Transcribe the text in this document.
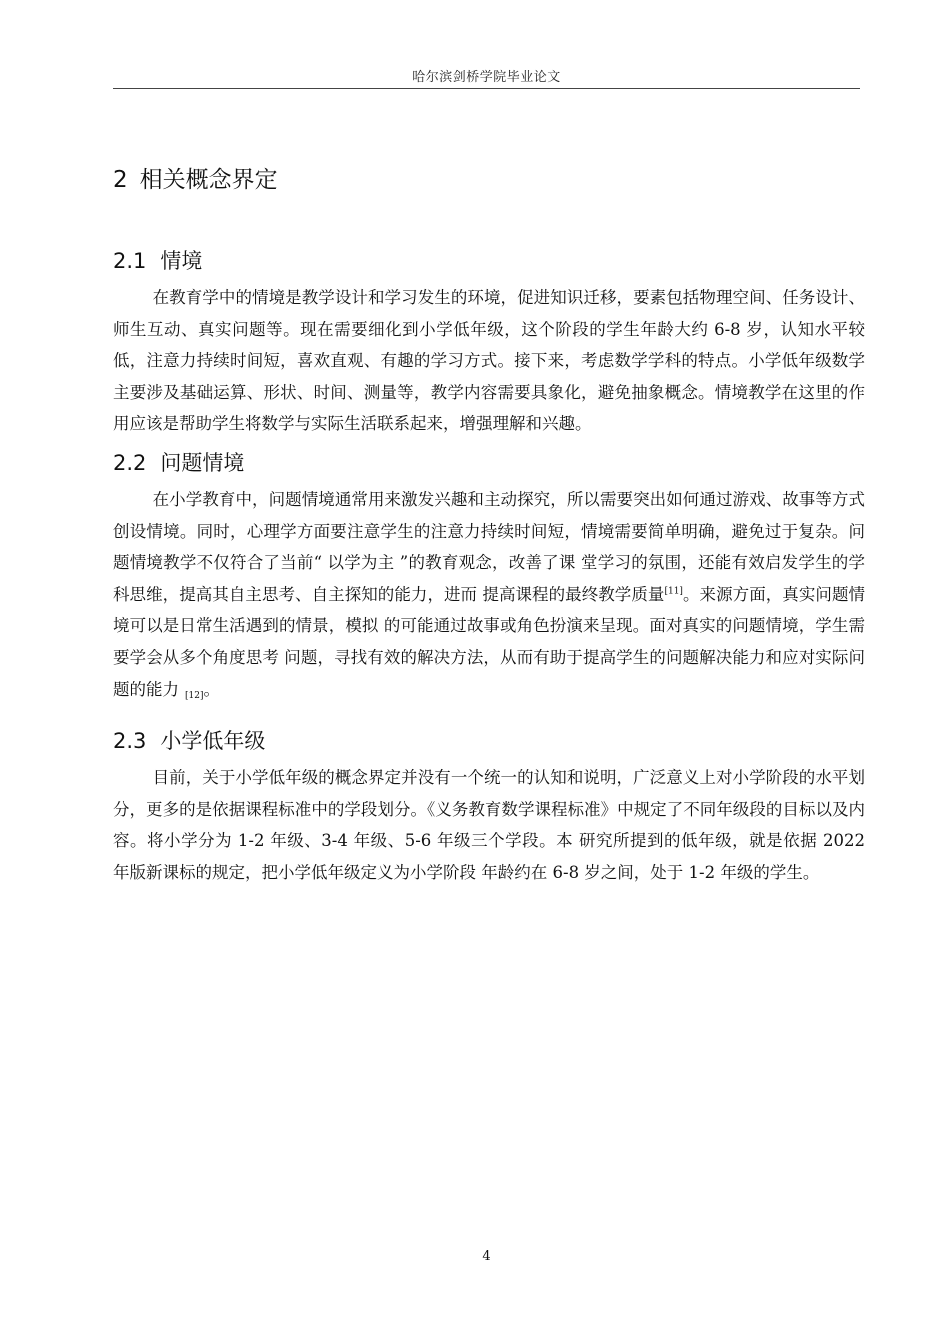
哈尔滨剑桥学院毕业论文
2 相关概念界定
2.1 情境

在教育学中的情境是教学设计和学习发生的环境，促进知识迁移，要素包括物理空间、任务设计、师生互动、真实问题等。现在需要细化到小学低年级，这个阶段的学生年龄大约 6-8 岁，认知水平较低，注意力持续时间短，喜欢直观、有趣的学习方式。接下来，考虑数学学科的特点。小学低年级数学主要涉及基础运算、形状、时间、测量等，教学内容需要具象化，避免抽象概念。情境教学在这里的作用应该是帮助学生将数学与实际生活联系起来，增强理解和兴趣。

2.2 问题情境

在小学教育中，问题情境通常用来激发兴趣和主动探究，所以需要突出如何通过游戏、故事等方式创设情境。同时，心理学方面要注意学生的注意力持续时间短，情境需要简单明确，避免过于复杂。问题情境教学不仅符合了当前“ 以学为主 ”的教育观念，改善了课 堂学习的氛围，还能有效启发学生的学科思维，提高其自主思考、自主探知的能力，进而 提高课程的最终教学质量[11]。来源方面，真实问题情境可以是日常生活遇到的情景，模拟 的可能通过故事或角色扮演来呈现。面对真实的问题情境，学生需要学会从多个角度思考 问题，寻找有效的解决方法，从而有助于提高学生的问题解决能力和应对实际问题的能力 [12]。

2.3 小学低年级

目前，关于小学低年级的概念界定并没有一个统一的认知和说明，广泛意义上对小学阶段的水平划分，更多的是依据课程标准中的学段划分。《义务教育数学课程标准》中规定了不同年级段的目标以及内容。将小学分为 1-2 年级、3-4 年级、5-6 年级三个学段。本 研究所提到的低年级，就是依据 2022 年版新课标的规定，把小学低年级定义为小学阶段 年龄约在 6-8 岁之间，处于 1-2 年级的学生。

4
